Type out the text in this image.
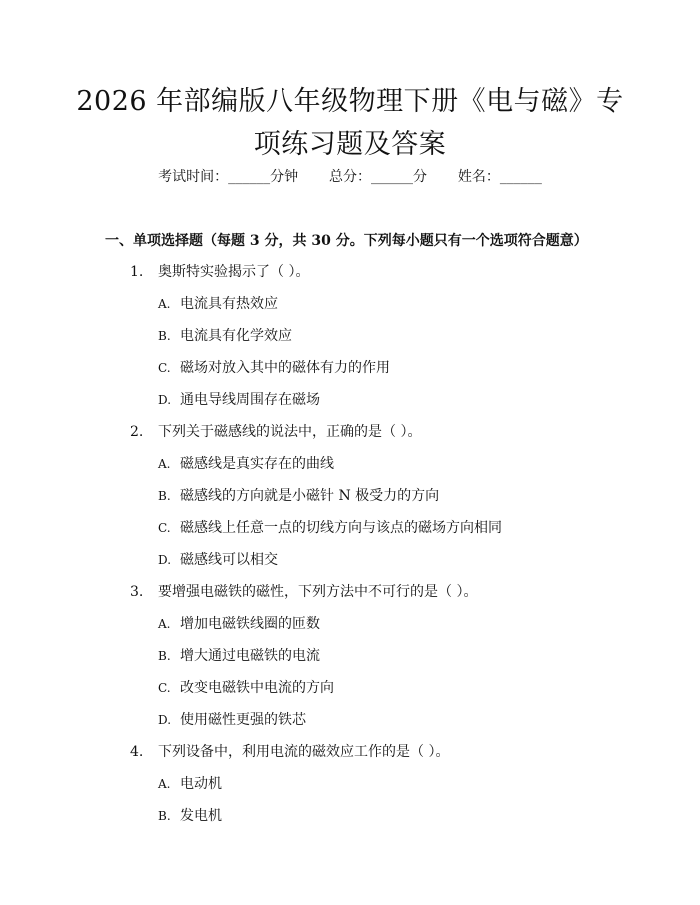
2026 年部编版八年级物理下册《电与磁》专
项练习题及答案
考试时间：______分钟 总分：______分 姓名：______
一、单项选择题（每题 3 分，共 30 分。下列每小题只有一个选项符合题意）
1. 奥斯特实验揭示了（ ）。
A. 电流具有热效应
B. 电流具有化学效应
C. 磁场对放入其中的磁体有力的作用
D. 通电导线周围存在磁场
2. 下列关于磁感线的说法中，正确的是（ ）。
A. 磁感线是真实存在的曲线
B. 磁感线的方向就是小磁针 N 极受力的方向
C. 磁感线上任意一点的切线方向与该点的磁场方向相同
D. 磁感线可以相交
3. 要增强电磁铁的磁性，下列方法中不可行的是（ ）。
A. 增加电磁铁线圈的匝数
B. 增大通过电磁铁的电流
C. 改变电磁铁中电流的方向
D. 使用磁性更强的铁芯
4. 下列设备中，利用电流的磁效应工作的是（ ）。
A. 电动机
B. 发电机
